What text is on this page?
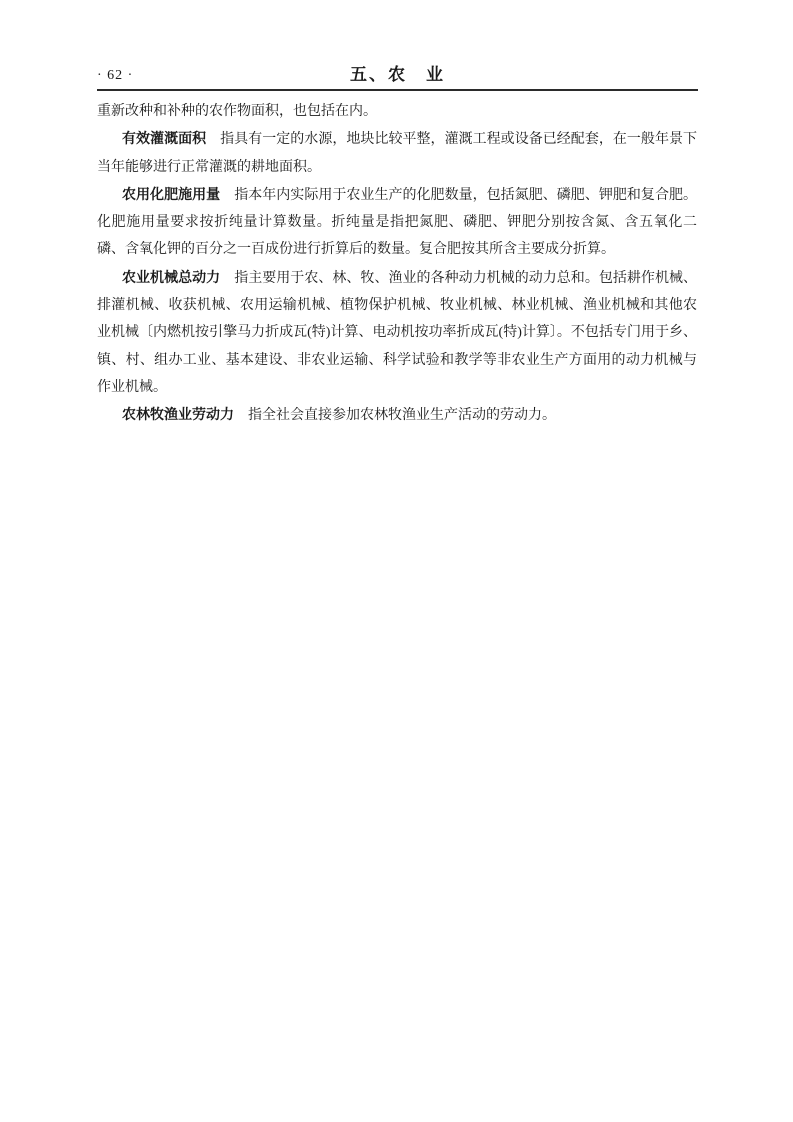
· 62 ·	五、农　业

重新改种和补种的农作物面积，也包括在内。

有效灌溉面积 指具有一定的水源，地块比较平整，灌溉工程或设备已经配套，在一般年景下当年能够进行正常灌溉的耕地面积。

农用化肥施用量 指本年内实际用于农业生产的化肥数量，包括氮肥、磷肥、钾肥和复合肥。化肥施用量要求按折纯量计算数量。折纯量是指把氮肥、磷肥、钾肥分别按含氮、含五氧化二磷、含氧化钾的百分之一百成份进行折算后的数量。复合肥按其所含主要成分折算。

农业机械总动力 指主要用于农、林、牧、渔业的各种动力机械的动力总和。包括耕作机械、排灌机械、收获机械、农用运输机械、植物保护机械、牧业机械、林业机械、渔业机械和其他农业机械〔内燃机按引擎马力折成瓦(特)计算、电动机按功率折成瓦(特)计算〕。不包括专门用于乡、镇、村、组办工业、基本建设、非农业运输、科学试验和教学等非农业生产方面用的动力机械与作业机械。

农林牧渔业劳动力 指全社会直接参加农林牧渔业生产活动的劳动力。
